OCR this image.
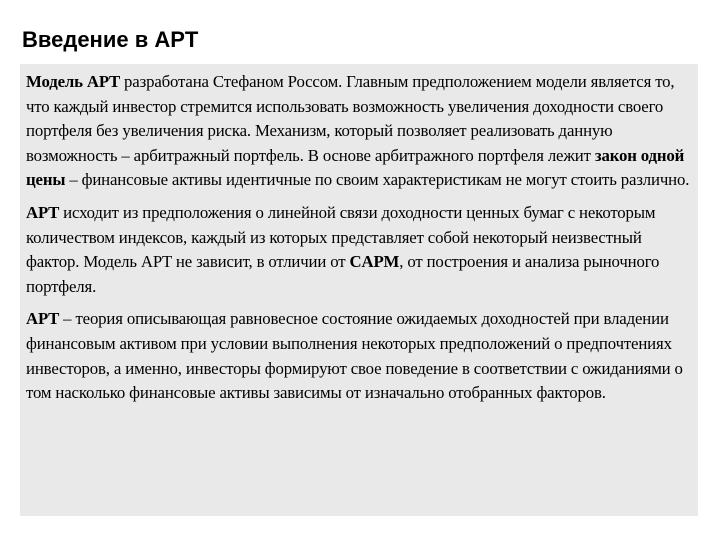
Введение в APT

Модель APT разработана Стефаном Россом. Главным предположением модели является то, что каждый инвестор стремится использовать возможность увеличения доходности своего портфеля без увеличения риска. Механизм, который позволяет реализовать данную возможность – арбитражный портфель. В основе арбитражного портфеля лежит закон одной цены – финансовые активы идентичные по своим характеристикам не могут стоить различно.

APT исходит из предположения о линейной связи доходности ценных бумаг с некоторым количеством индексов, каждый из которых представляет собой некоторый неизвестный фактор. Модель APT не зависит, в отличии от CAPM, от построения и анализа рыночного портфеля.

APT – теория описывающая равновесное состояние ожидаемых доходностей при владении финансовым активом при условии выполнения некоторых предположений о предпочтениях инвесторов, а именно, инвесторы формируют свое поведение в соответствии с ожиданиями о том насколько финансовые активы зависимы от изначально отобранных факторов.
